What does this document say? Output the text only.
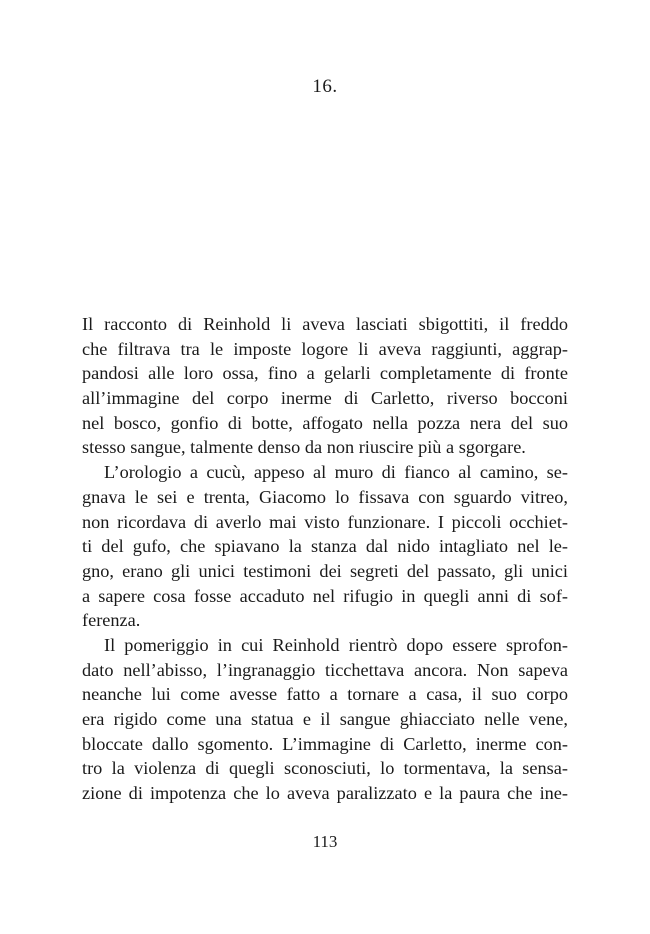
16.
Il racconto di Reinhold li aveva lasciati sbigottiti, il freddo
che filtrava tra le imposte logore li aveva raggiunti, aggrap-
pandosi alle loro ossa, fino a gelarli completamente di fronte
all’immagine del corpo inerme di Carletto, riverso bocconi
nel bosco, gonfio di botte, affogato nella pozza nera del suo
stesso sangue, talmente denso da non riuscire più a sgorgare.
L’orologio a cucù, appeso al muro di fianco al camino, se-
gnava le sei e trenta, Giacomo lo fissava con sguardo vitreo,
non ricordava di averlo mai visto funzionare. I piccoli occhiet-
ti del gufo, che spiavano la stanza dal nido intagliato nel le-
gno, erano gli unici testimoni dei segreti del passato, gli unici
a sapere cosa fosse accaduto nel rifugio in quegli anni di sof-
ferenza.
Il pomeriggio in cui Reinhold rientrò dopo essere sprofon-
dato nell’abisso, l’ingranaggio ticchettava ancora. Non sapeva
neanche lui come avesse fatto a tornare a casa, il suo corpo
era rigido come una statua e il sangue ghiacciato nelle vene,
bloccate dallo sgomento. L’immagine di Carletto, inerme con-
tro la violenza di quegli sconosciuti, lo tormentava, la sensa-
zione di impotenza che lo aveva paralizzato e la paura che ine-
113
